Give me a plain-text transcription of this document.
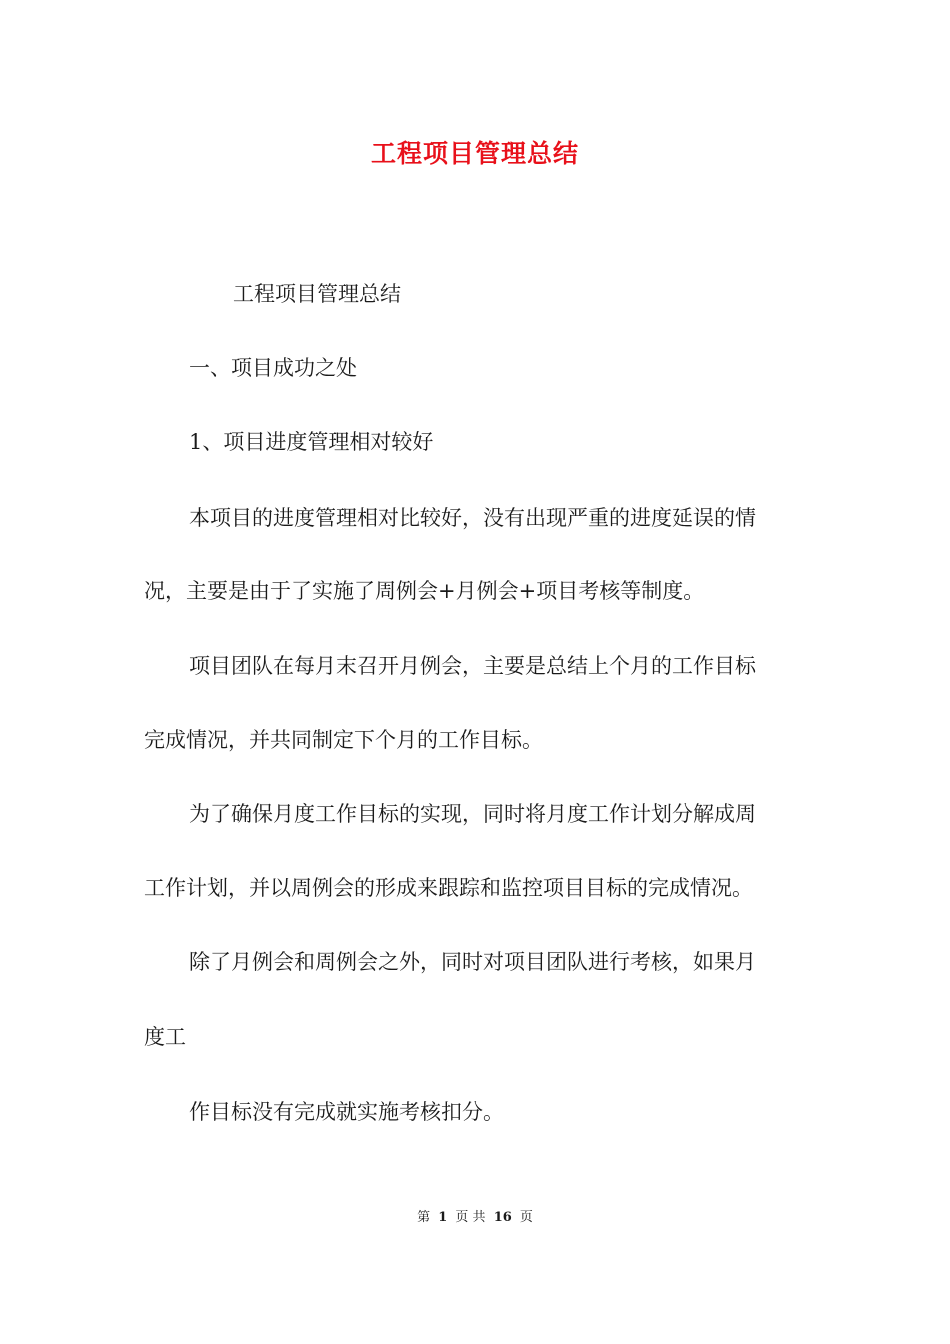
工程项目管理总结
工程项目管理总结
一、项目成功之处
1、项目进度管理相对较好
本项目的进度管理相对比较好，没有出现严重的进度延误的情
况，主要是由于了实施了周例会+月例会+项目考核等制度。
项目团队在每月末召开月例会，主要是总结上个月的工作目标
完成情况，并共同制定下个月的工作目标。
为了确保月度工作目标的实现，同时将月度工作计划分解成周
工作计划，并以周例会的形成来跟踪和监控项目目标的完成情况。
除了月例会和周例会之外，同时对项目团队进行考核，如果月
度工
作目标没有完成就实施考核扣分。
第 1 页 共 16 页
